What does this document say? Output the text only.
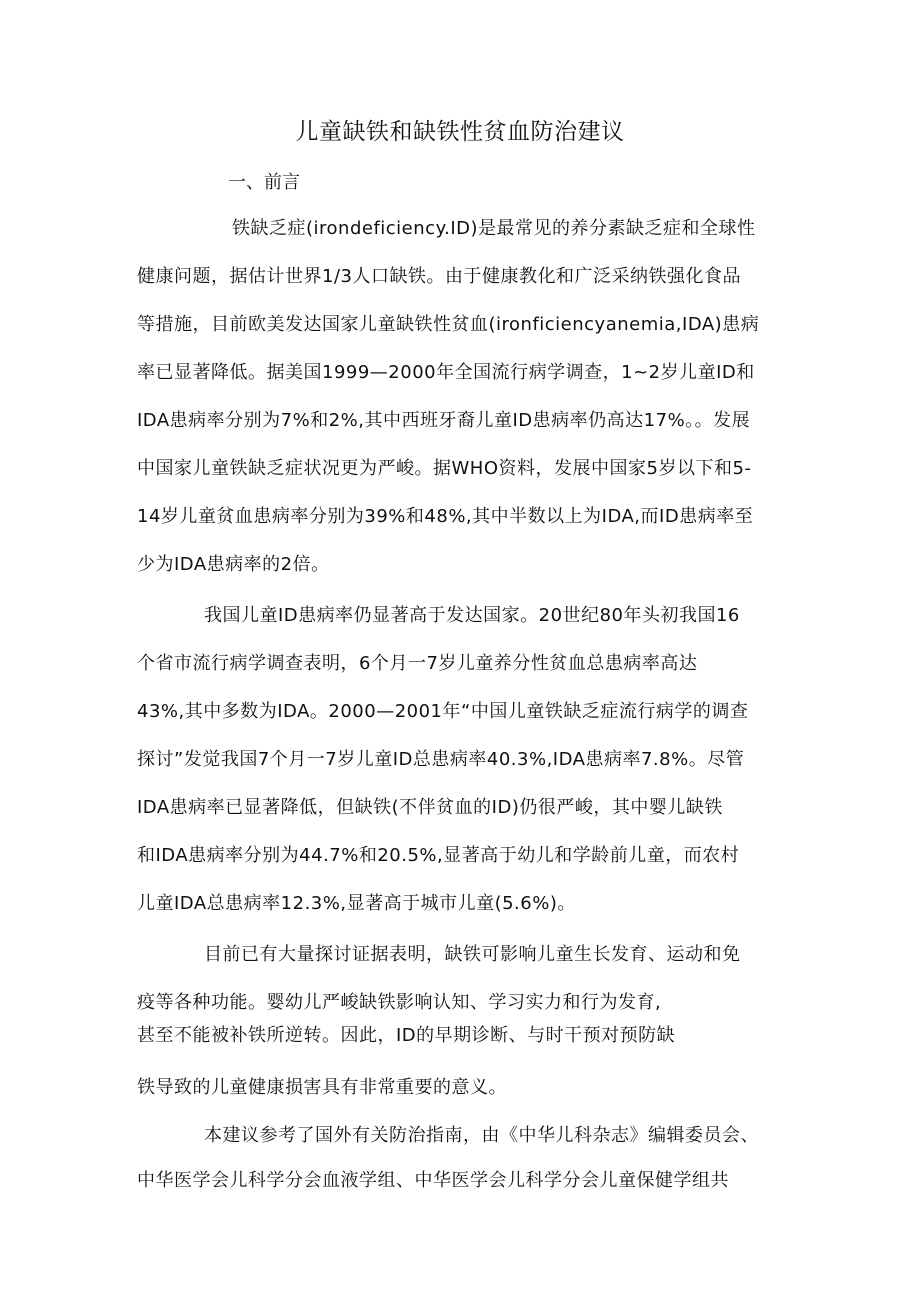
儿童缺铁和缺铁性贫血防治建议
一、前言
铁缺乏症(irondeficiency.ID)是最常见的养分素缺乏症和全球性
健康问题，据估计世界1/3人口缺铁。由于健康教化和广泛采纳铁强化食品
等措施，目前欧美发达国家儿童缺铁性贫血(ironficiencyanemia,IDA)患病
率已显著降低。据美国1999—2000年全国流行病学调查，1~2岁儿童ID和
IDA患病率分别为7%和2%,其中西班牙裔儿童ID患病率仍高达17%。。发展
中国家儿童铁缺乏症状况更为严峻。据WHO资料，发展中国家5岁以下和5-
14岁儿童贫血患病率分别为39%和48%,其中半数以上为IDA,而ID患病率至
少为IDA患病率的2倍。
我国儿童ID患病率仍显著高于发达国家。20世纪80年头初我国16
个省市流行病学调查表明，6个月一7岁儿童养分性贫血总患病率高达
43%,其中多数为IDA。2000—2001年“中国儿童铁缺乏症流行病学的调查
探讨”发觉我国7个月一7岁儿童ID总患病率40.3%,IDA患病率7.8%。尽管
IDA患病率已显著降低，但缺铁(不伴贫血的ID)仍很严峻，其中婴儿缺铁
和IDA患病率分别为44.7%和20.5%,显著高于幼儿和学龄前儿童，而农村
儿童IDA总患病率12.3%,显著高于城市儿童(5.6%)。
目前已有大量探讨证据表明，缺铁可影响儿童生长发育、运动和免
疫等各种功能。婴幼儿严峻缺铁影响认知、学习实力和行为发育,
甚至不能被补铁所逆转。因此，ID的早期诊断、与时干预对预防缺
铁导致的儿童健康损害具有非常重要的意义。
本建议参考了国外有关防治指南，由《中华儿科杂志》编辑委员会、
中华医学会儿科学分会血液学组、中华医学会儿科学分会儿童保健学组共
